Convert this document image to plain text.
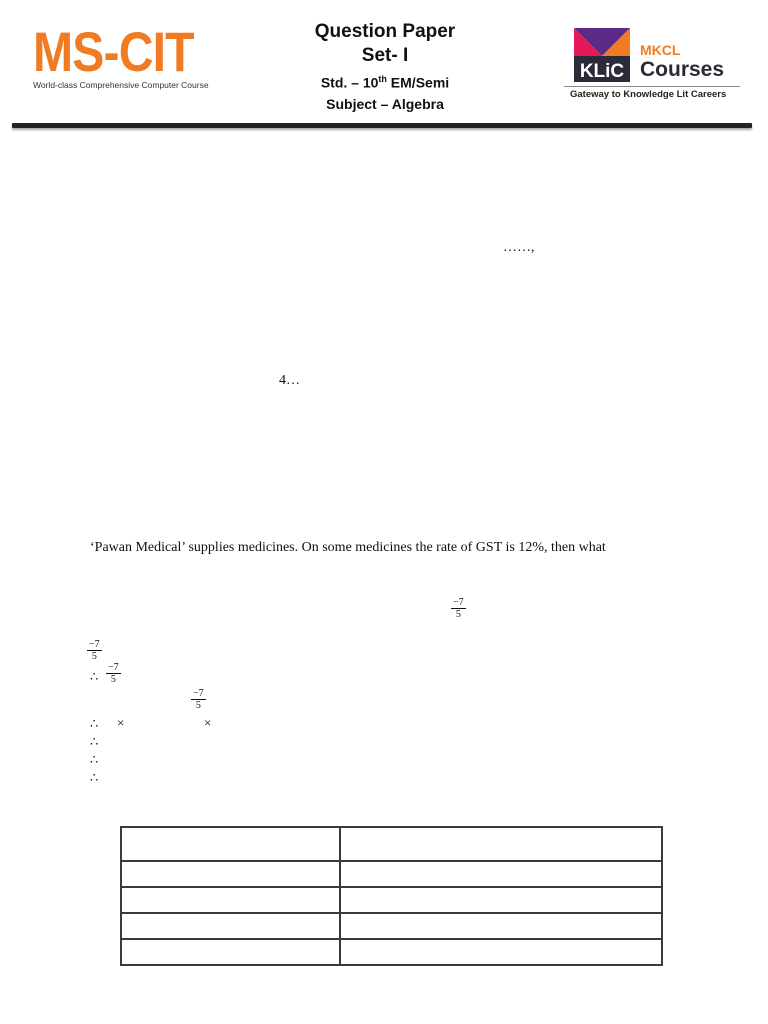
MS-CIT
World-class Comprehensive Computer Course
Question Paper
Set- I
Std. – 10th EM/Semi
Subject – Algebra
KLiC
MKCL
Courses
Gateway to Knowledge Lit Careers
……,
4…
‘Pawan Medical’ supplies medicines. On some medicines the rate of GST is 12%, then what
$\frac{-7}{5}$
$\frac{-7}{5}$
∴ $\frac{-7}{5}$
$\frac{-7}{5}$
∴ ×	×
∴
∴
∴
